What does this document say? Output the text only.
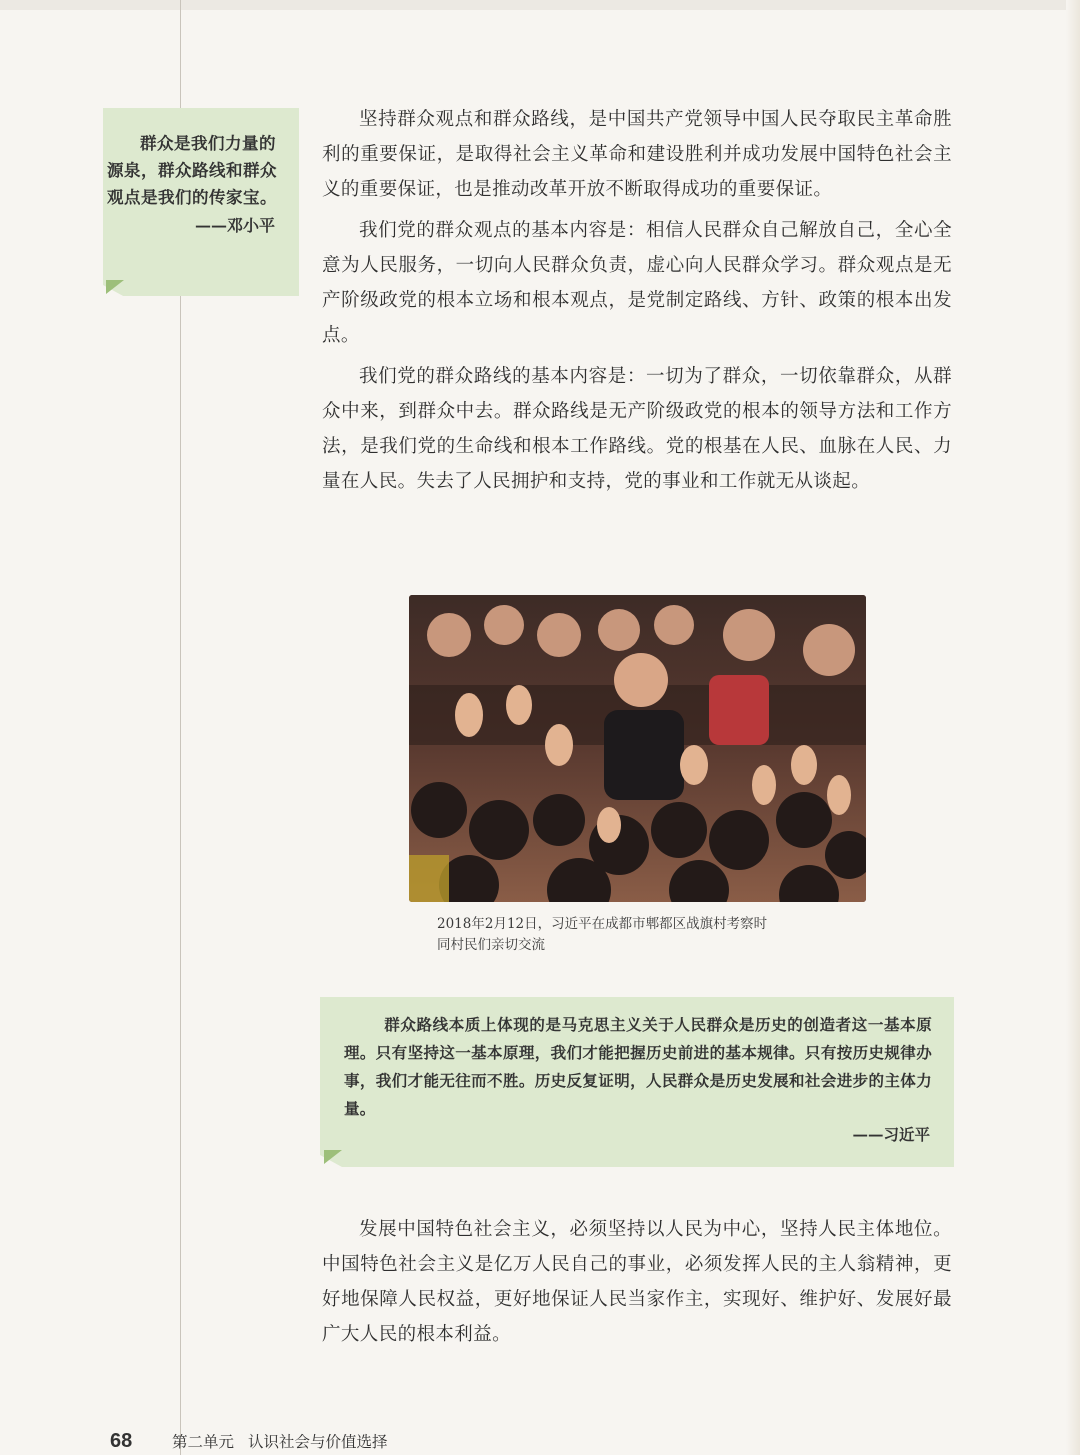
群众是我们力量的源泉，群众路线和群众观点是我们的传家宝。
——邓小平

坚持群众观点和群众路线，是中国共产党领导中国人民夺取民主革命胜利的重要保证，是取得社会主义革命和建设胜利并成功发展中国特色社会主义的重要保证，也是推动改革开放不断取得成功的重要保证。

我们党的群众观点的基本内容是：相信人民群众自己解放自己，全心全意为人民服务，一切向人民群众负责，虚心向人民群众学习。群众观点是无产阶级政党的根本立场和根本观点，是党制定路线、方针、政策的根本出发点。

我们党的群众路线的基本内容是：一切为了群众，一切依靠群众，从群众中来，到群众中去。群众路线是无产阶级政党的根本的领导方法和工作方法，是我们党的生命线和根本工作路线。党的根基在人民、血脉在人民、力量在人民。失去了人民拥护和支持，党的事业和工作就无从谈起。

2018年2月12日，习近平在成都市郫都区战旗村考察时
同村民们亲切交流
群众路线本质上体现的是马克思主义关于人民群众是历史的创造者这一基本原理。只有坚持这一基本原理，我们才能把握历史前进的基本规律。只有按历史规律办事，我们才能无往而不胜。历史反复证明，人民群众是历史发展和社会进步的主体力量。
——习近平

发展中国特色社会主义，必须坚持以人民为中心，坚持人民主体地位。中国特色社会主义是亿万人民自己的事业，必须发挥人民的主人翁精神，更好地保障人民权益，更好地保证人民当家作主，实现好、维护好、发展好最广大人民的根本利益。

68	第二单元 认识社会与价值选择
